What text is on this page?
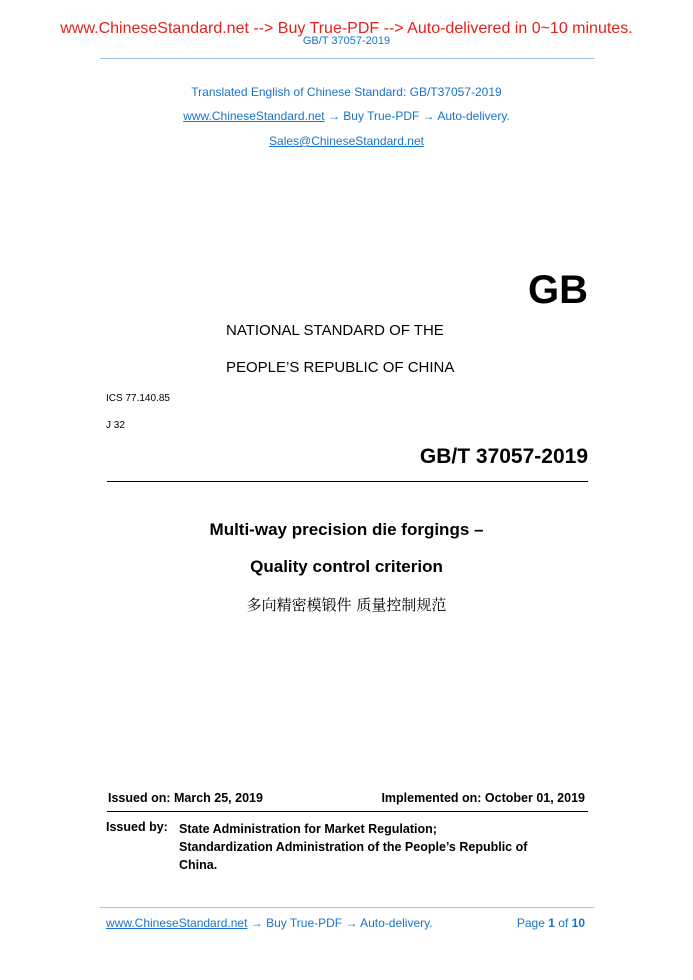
www.ChineseStandard.net --> Buy True-PDF --> Auto-delivered in 0~10 minutes.
GB/T 37057-2019
Translated English of Chinese Standard: GB/T37057-2019
www.ChineseStandard.net → Buy True-PDF → Auto-delivery.
Sales@ChineseStandard.net
GB
NATIONAL STANDARD OF THE
PEOPLE’S REPUBLIC OF CHINA
ICS 77.140.85
J 32
GB/T 37057-2019
Multi-way precision die forgings –
Quality control criterion
多向精密模锻件 质量控制规范
Issued on: March 25, 2019	Implemented on: October 01, 2019
Issued by: State Administration for Market Regulation;
Standardization Administration of the People’s Republic of
China.
www.ChineseStandard.net → Buy True-PDF → Auto-delivery.	Page 1 of 10
